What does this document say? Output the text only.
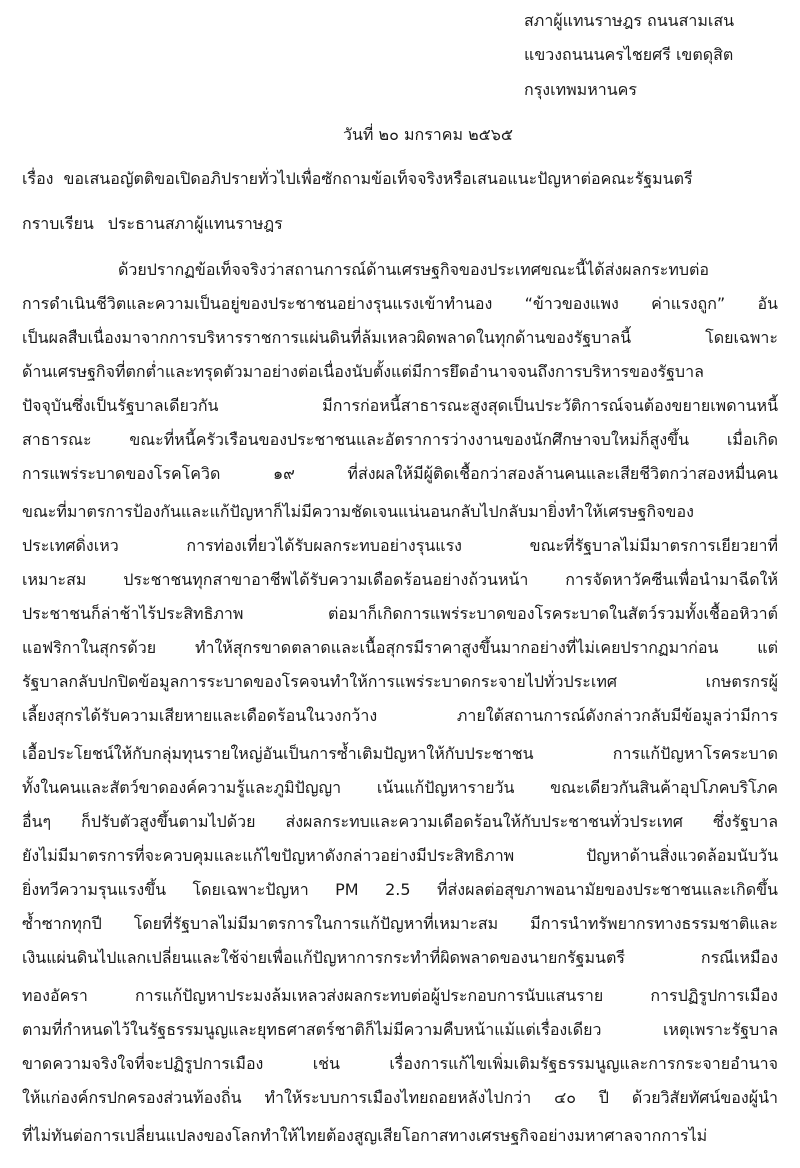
สภาผู้แทนราษฎร ถนนสามเสน
แขวงถนนนครไชยศรี เขตดุสิต
กรุงเทพมหานคร
วันที่ ๒๐ มกราคม ๒๕๖๕
เรื่อง ขอเสนอญัตติขอเปิดอภิปรายทั่วไปเพื่อซักถามข้อเท็จจริงหรือเสนอแนะปัญหาต่อคณะรัฐมนตรี
กราบเรียน ประธานสภาผู้แทนราษฎร
ด้วยปรากฏข้อเท็จจริงว่าสถานการณ์ด้านเศรษฐกิจของประเทศขณะนี้ได้ส่งผลกระทบต่อ
การดำเนินชีวิตและความเป็นอยู่ของประชาชนอย่างรุนแรงเข้าทำนอง “ข้าวของแพง ค่าแรงถูก” อัน
เป็นผลสืบเนื่องมาจากการบริหารราชการแผ่นดินที่ล้มเหลวผิดพลาดในทุกด้านของรัฐบาลนี้ โดยเฉพาะ
ด้านเศรษฐกิจที่ตกต่ำและทรุดตัวมาอย่างต่อเนื่องนับตั้งแต่มีการยึดอำนาจจนถึงการบริหารของรัฐบาล
ปัจจุบันซึ่งเป็นรัฐบาลเดียวกัน มีการก่อหนี้สาธารณะสูงสุดเป็นประวัติการณ์จนต้องขยายเพดานหนี้
สาธารณะ ขณะที่หนี้ครัวเรือนของประชาชนและอัตราการว่างงานของนักศึกษาจบใหม่ก็สูงขึ้น เมื่อเกิด
การแพร่ระบาดของโรคโควิด ๑๙ ที่ส่งผลให้มีผู้ติดเชื้อกว่าสองล้านคนและเสียชีวิตกว่าสองหมื่นคน
ขณะที่มาตรการป้องกันและแก้ปัญหาก็ไม่มีความชัดเจนแน่นอนกลับไปกลับมายิ่งทำให้เศรษฐกิจของ
ประเทศดิ่งเหว การท่องเที่ยวได้รับผลกระทบอย่างรุนแรง ขณะที่รัฐบาลไม่มีมาตรการเยียวยาที่
เหมาะสม ประชาชนทุกสาขาอาชีพได้รับความเดือดร้อนอย่างถ้วนหน้า การจัดหาวัคซีนเพื่อนำมาฉีดให้
ประชาชนก็ล่าช้าไร้ประสิทธิภาพ ต่อมาก็เกิดการแพร่ระบาดของโรคระบาดในสัตว์รวมทั้งเชื้ออหิวาต์
แอฟริกาในสุกรด้วย ทำให้สุกรขาดตลาดและเนื้อสุกรมีราคาสูงขึ้นมากอย่างที่ไม่เคยปรากฏมาก่อน แต่
รัฐบาลกลับปกปิดข้อมูลการระบาดของโรคจนทำให้การแพร่ระบาดกระจายไปทั่วประเทศ เกษตรกรผู้
เลี้ยงสุกรได้รับความเสียหายและเดือดร้อนในวงกว้าง ภายใต้สถานการณ์ดังกล่าวกลับมีข้อมูลว่ามีการ
เอื้อประโยชน์ให้กับกลุ่มทุนรายใหญ่อันเป็นการซ้ำเติมปัญหาให้กับประชาชน การแก้ปัญหาโรคระบาด
ทั้งในคนและสัตว์ขาดองค์ความรู้และภูมิปัญญา เน้นแก้ปัญหารายวัน ขณะเดียวกันสินค้าอุปโภคบริโภค
อื่นๆ ก็ปรับตัวสูงขึ้นตามไปด้วย ส่งผลกระทบและความเดือดร้อนให้กับประชาชนทั่วประเทศ ซึ่งรัฐบาล
ยังไม่มีมาตรการที่จะควบคุมและแก้ไขปัญหาดังกล่าวอย่างมีประสิทธิภาพ ปัญหาด้านสิ่งแวดล้อมนับวัน
ยิ่งทวีความรุนแรงขึ้น โดยเฉพาะปัญหา PM 2.5 ที่ส่งผลต่อสุขภาพอนามัยของประชาชนและเกิดขึ้น
ซ้ำซากทุกปี โดยที่รัฐบาลไม่มีมาตรการในการแก้ปัญหาที่เหมาะสม มีการนำทรัพยากรทางธรรมชาติและ
เงินแผ่นดินไปแลกเปลี่ยนและใช้จ่ายเพื่อแก้ปัญหาการกระทำที่ผิดพลาดของนายกรัฐมนตรี กรณีเหมือง
ทองอัครา การแก้ปัญหาประมงล้มเหลวส่งผลกระทบต่อผู้ประกอบการนับแสนราย การปฏิรูปการเมือง
ตามที่กำหนดไว้ในรัฐธรรมนูญและยุทธศาสตร์ชาติก็ไม่มีความคืบหน้าแม้แต่เรื่องเดียว เหตุเพราะรัฐบาล
ขาดความจริงใจที่จะปฏิรูปการเมือง เช่น เรื่องการแก้ไขเพิ่มเติมรัฐธรรมนูญและการกระจายอำนาจ
ให้แก่องค์กรปกครองส่วนท้องถิ่น ทำให้ระบบการเมืองไทยถอยหลังไปกว่า ๔๐ ปี ด้วยวิสัยทัศน์ของผู้นำ
ที่ไม่ทันต่อการเปลี่ยนแปลงของโลกทำให้ไทยต้องสูญเสียโอกาสทางเศรษฐกิจอย่างมหาศาลจากการไม่
